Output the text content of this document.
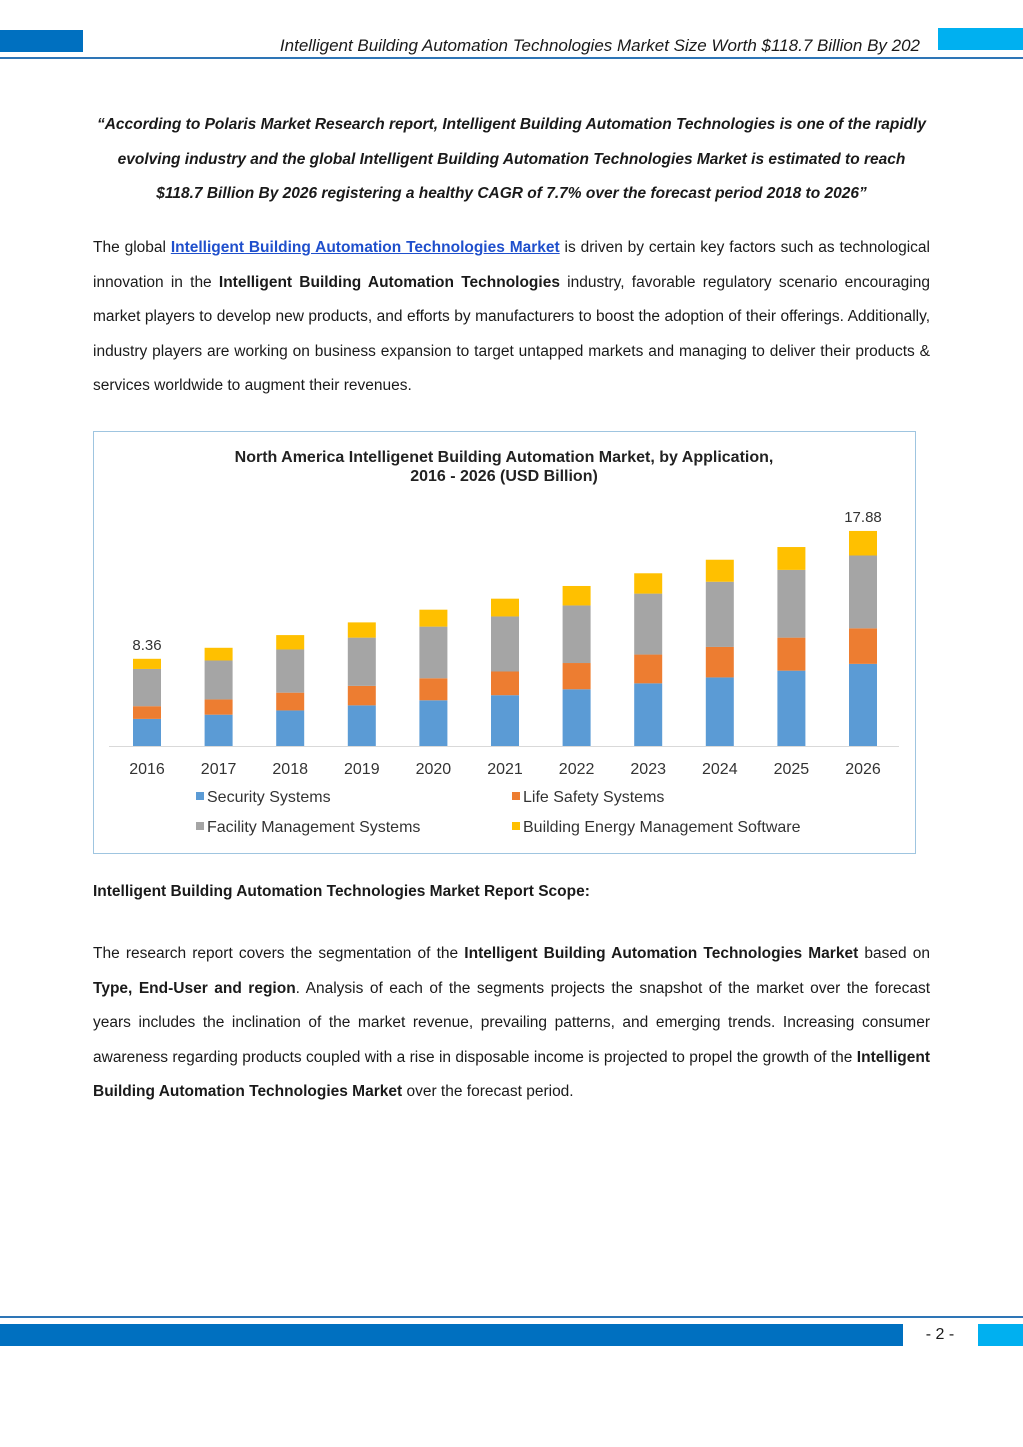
Intelligent Building Automation Technologies Market Size Worth $118.7 Billion By 202
“According to Polaris Market Research report, Intelligent Building Automation Technologies is one of the rapidly evolving industry and the global Intelligent Building Automation Technologies Market is estimated to reach $118.7 Billion By 2026 registering a healthy CAGR of 7.7% over the forecast period 2018 to 2026”
The global Intelligent Building Automation Technologies Market is driven by certain key factors such as technological innovation in the Intelligent Building Automation Technologies industry, favorable regulatory scenario encouraging market players to develop new products, and efforts by manufacturers to boost the adoption of their offerings. Additionally, industry players are working on business expansion to target untapped markets and managing to deliver their products & services worldwide to augment their revenues.
North America Intelligenet Building Automation Market, by Application,
2016 - 2026 (USD Billion)
2016
8.36
2017 2018 2019 2020 2021 2022 2023 2024 2025 2026
17.88
Security Systems	Life Safety Systems
Facility Management Systems	Building Energy Management Software
Intelligent Building Automation Technologies Market Report Scope:
The research report covers the segmentation of the Intelligent Building Automation Technologies Market based on Type, End-User and region. Analysis of each of the segments projects the snapshot of the market over the forecast years includes the inclination of the market revenue, prevailing patterns, and emerging trends. Increasing consumer awareness regarding products coupled with a rise in disposable income is projected to propel the growth of the Intelligent Building Automation Technologies Market over the forecast period.
- 2 -
